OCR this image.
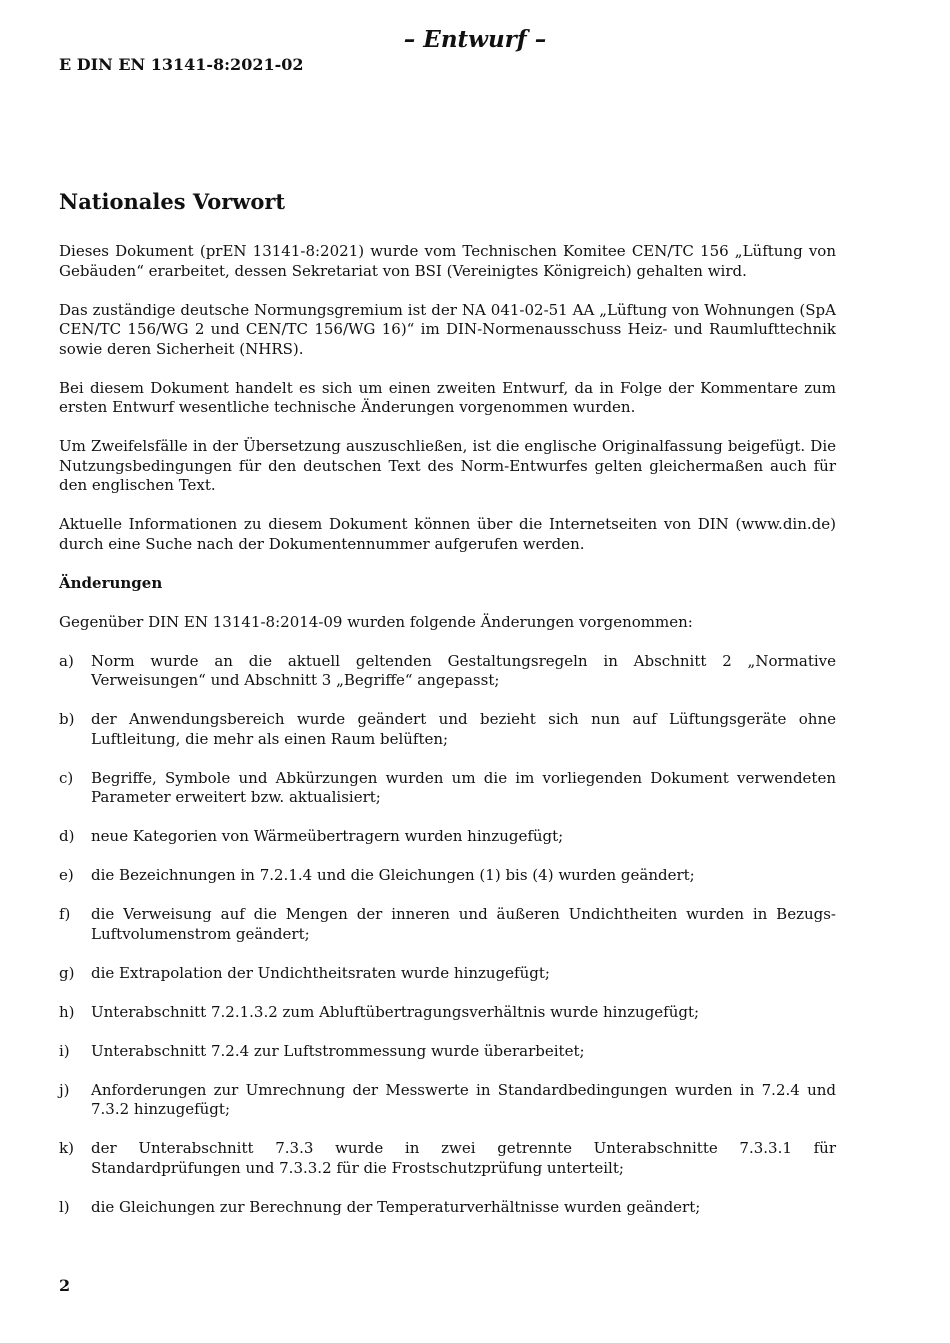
– Entwurf –
E DIN EN 13141-8:2021-02
Nationales Vorwort

Dieses Dokument (prEN 13141-8:2021) wurde vom Technischen Komitee CEN/TC 156 „Lüftung von Gebäuden“ erarbeitet, dessen Sekretariat von BSI (Vereinigtes Königreich) gehalten wird.

Das zuständige deutsche Normungsgremium ist der NA 041-02-51 AA „Lüftung von Wohnungen (SpA CEN/TC 156/WG 2 und CEN/TC 156/WG 16)“ im DIN-Normenausschuss Heiz- und Raumlufttechnik sowie deren Sicherheit (NHRS).

Bei diesem Dokument handelt es sich um einen zweiten Entwurf, da in Folge der Kommentare zum ersten Entwurf wesentliche technische Änderungen vorgenommen wurden.

Um Zweifelsfälle in der Übersetzung auszuschließen, ist die englische Originalfassung beigefügt. Die Nutzungsbedingungen für den deutschen Text des Norm-Entwurfes gelten gleichermaßen auch für den englischen Text.

Aktuelle Informationen zu diesem Dokument können über die Internetseiten von DIN (www.din.de) durch eine Suche nach der Dokumentennummer aufgerufen werden.

Änderungen

Gegenüber DIN EN 13141-8:2014-09 wurden folgende Änderungen vorgenommen:

a)	Norm wurde an die aktuell geltenden Gestaltungsregeln in Abschnitt 2 „Normative Verweisungen“ und Abschnitt 3 „Begriffe“ angepasst;
b)	der Anwendungsbereich wurde geändert und bezieht sich nun auf Lüftungsgeräte ohne Luftleitung, die mehr als einen Raum belüften;
c)	Begriffe, Symbole und Abkürzungen wurden um die im vorliegenden Dokument verwendeten Parameter erweitert bzw. aktualisiert;
d)	neue Kategorien von Wärmeübertragern wurden hinzugefügt;
e)	die Bezeichnungen in 7.2.1.4 und die Gleichungen (1) bis (4) wurden geändert;
f)	die Verweisung auf die Mengen der inneren und äußeren Undichtheiten wurden in Bezugs-Luftvolumenstrom geändert;
g)	die Extrapolation der Undichtheitsraten wurde hinzugefügt;
h)	Unterabschnitt 7.2.1.3.2 zum Abluftübertragungsverhältnis wurde hinzugefügt;
i)	Unterabschnitt 7.2.4 zur Luftstrommessung wurde überarbeitet;
j)	Anforderungen zur Umrechnung der Messwerte in Standardbedingungen wurden in 7.2.4 und 7.3.2 hinzugefügt;
k)	der Unterabschnitt 7.3.3 wurde in zwei getrennte Unterabschnitte 7.3.3.1 für Standardprüfungen und 7.3.3.2 für die Frostschutzprüfung unterteilt;
l)	die Gleichungen zur Berechnung der Temperaturverhältnisse wurden geändert;
2
